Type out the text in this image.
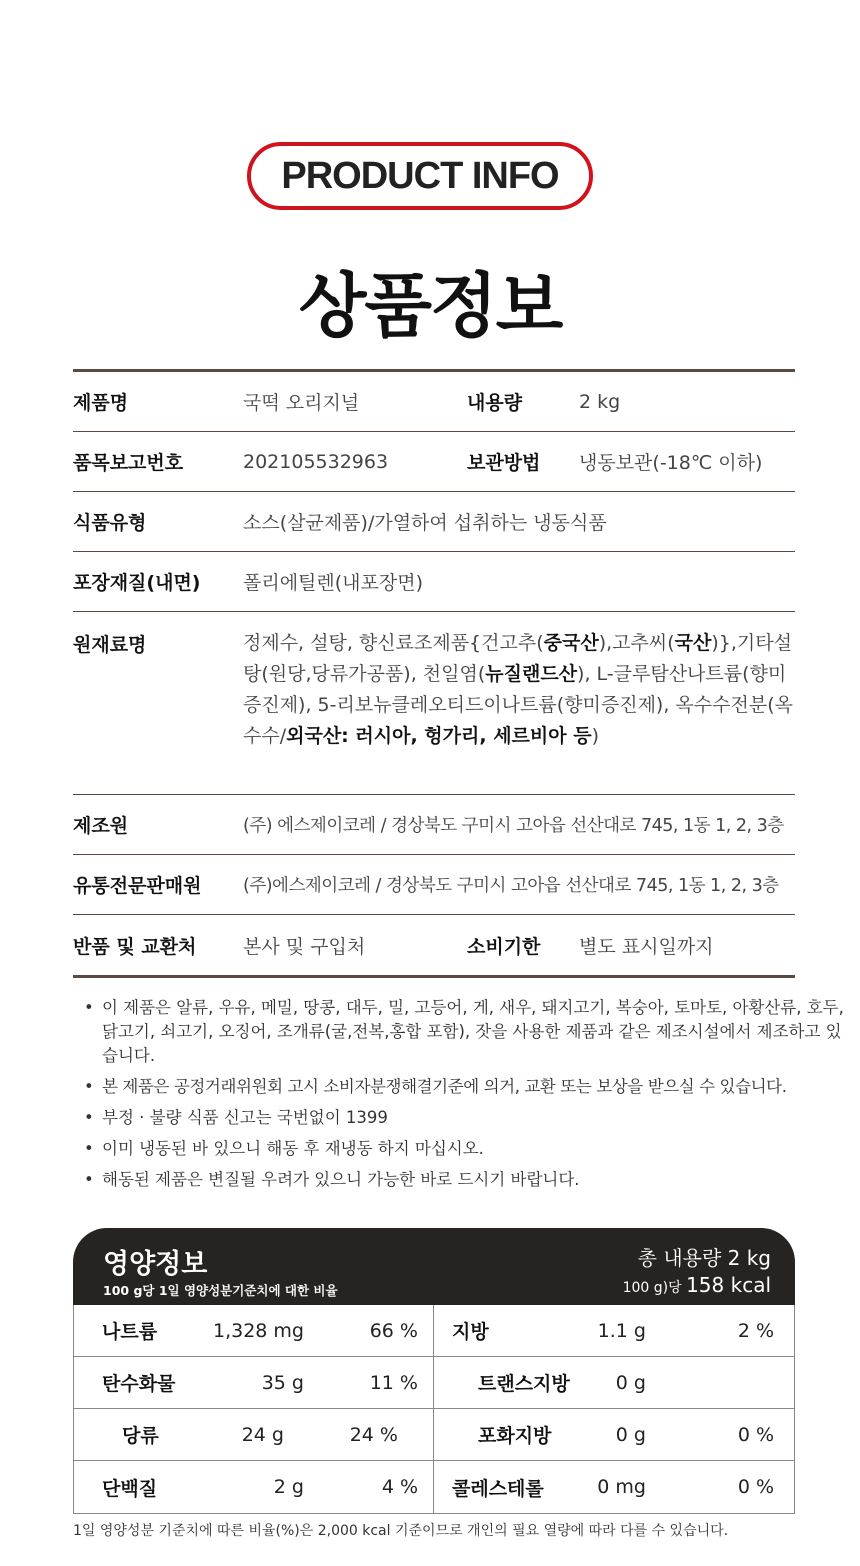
PRODUCT INFO
상품정보
제품명	국떡 오리지널	내용량	2 kg
품목보고번호	202105532963	보관방법	냉동보관(-18℃ 이하)
식품유형	소스(살균제품)/가열하여 섭취하는 냉동식품
포장재질(내면)	폴리에틸렌(내포장면)
원재료명	정제수, 설탕, 향신료조제품{건고추(중국산),고추씨(국산)},기타설탕(원당,당류가공품), 천일염(뉴질랜드산), L-글루탐산나트륨(향미증진제), 5-리보뉴클레오티드이나트륨(향미증진제), 옥수수전분(옥수수/외국산: 러시아, 헝가리, 세르비아 등)
제조원	(주) 에스제이코레 / 경상북도 구미시 고아읍 선산대로 745, 1동 1, 2, 3층
유통전문판매원	(주)에스제이코레 / 경상북도 구미시 고아읍 선산대로 745, 1동 1, 2, 3층
반품 및 교환처	본사 및 구입처	소비기한	별도 표시일까지
• 이 제품은 알류, 우유, 메밀, 땅콩, 대두, 밀, 고등어, 게, 새우, 돼지고기, 복숭아, 토마토, 아황산류, 호두, 닭고기, 쇠고기, 오징어, 조개류(굴,전복,홍합 포함), 잣을 사용한 제품과 같은 제조시설에서 제조하고 있습니다.
• 본 제품은 공정거래위원회 고시 소비자분쟁해결기준에 의거, 교환 또는 보상을 받으실 수 있습니다.
• 부정 · 불량 식품 신고는 국번없이 1399
• 이미 냉동된 바 있으니 해동 후 재냉동 하지 마십시오.
• 해동된 제품은 변질될 우려가 있으니 가능한 바로 드시기 바랍니다.
영양정보
100 g당 1일 영양성분기준치에 대한 비율
총 내용량 2 kg
100 g)당 158 kcal
나트륨	1,328 mg	66 %	지방	1.1 g	2 %
탄수화물	35 g	11 %	트랜스지방	0 g
당류	24 g	24 %	포화지방	0 g	0 %
단백질	2 g	4 %	콜레스테롤	0 mg	0 %
1일 영양성분 기준치에 따른 비율(%)은 2,000 kcal 기준이므로 개인의 필요 열량에 따라 다를 수 있습니다.
